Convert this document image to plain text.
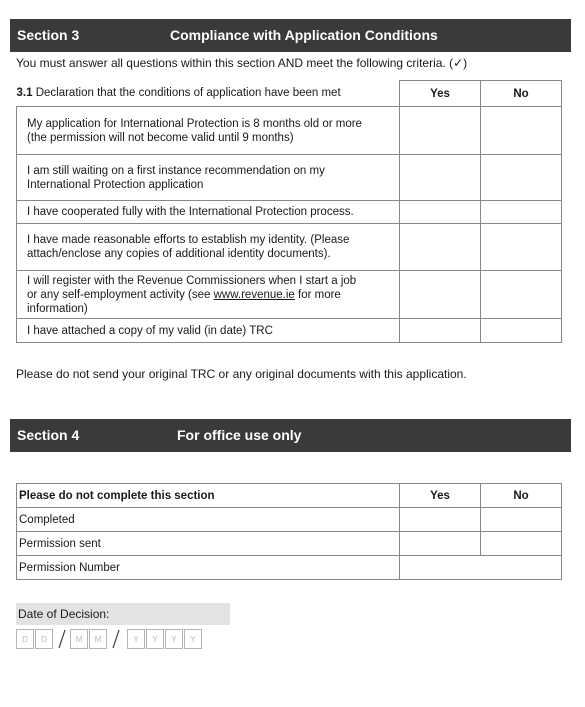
Section 3	Compliance with Application Conditions
You must answer all questions within this section AND meet the following criteria. (✓)
3.1 Declaration that the conditions of application have been met	Yes	No
My application for International Protection is 8 months old or more
(the permission will not become valid until 9 months)		
I am still waiting on a first instance recommendation on my
International Protection application		
I have cooperated fully with the International Protection process.		
I have made reasonable efforts to establish my identity. (Please
attach/enclose any copies of additional identity documents).		
I will register with the Revenue Commissioners when I start a job
or any self-employment activity (see www.revenue.ie for more
information)		
I have attached a copy of my valid (in date) TRC		
Please do not send your original TRC or any original documents with this application.
Section 4	For office use only
Please do not complete this section	Yes	No
Completed		
Permission sent		
Permission Number		
Date of Decision:
D	D	M	M	Y	Y	Y	Y
